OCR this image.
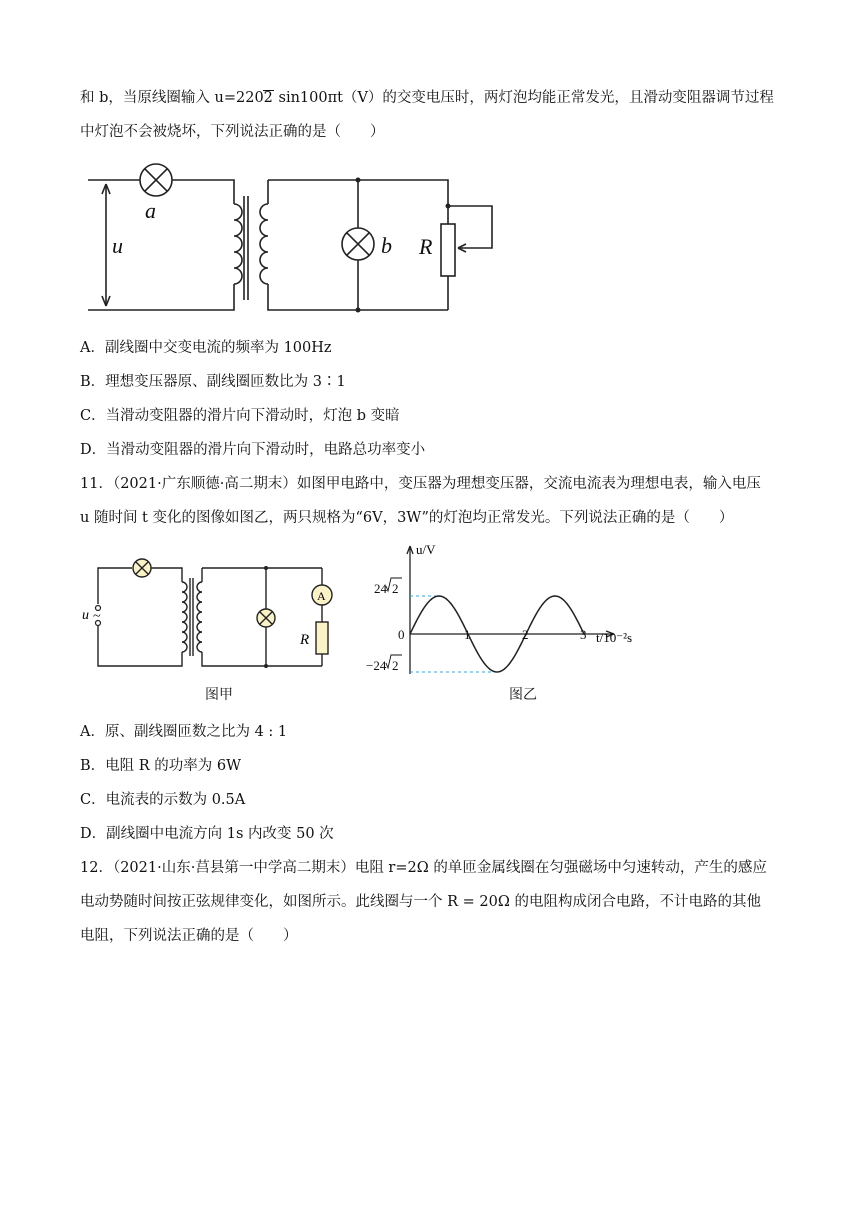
和 b，当原线圈输入 u=2202 sin100πt（V）的交变电压时，两灯泡均能正常发光，且滑动变阻器调节过程
中灯泡不会被烧坏，下列说法正确的是（　　）
u
a
b R
A．副线圈中交变电流的频率为 100Hz
B．理想变压器原、副线圈匝数比为 3∶1
C．当滑动变阻器的滑片向下滑动时，灯泡 b 变暗
D．当滑动变阻器的滑片向下滑动时，电路总功率变小
11．（2021·广东顺德·高二期末）如图甲电路中，变压器为理想变压器，交流电流表为理想电表，输入电压
u 随时间 t 变化的图像如图乙，两只规格为“6V，3W”的灯泡均正常发光。下列说法正确的是（　　）
u ~
A
R
图甲
0	1	2	3
u/V
t/10⁻²s
24 2
−24 2
图乙
A．原、副线圈匝数之比为 4 : 1
B．电阻 R 的功率为 6W
C．电流表的示数为 0.5A
D．副线圈中电流方向 1s 内改变 50 次
12．（2021·山东·莒县第一中学高二期末）电阻 r=2Ω 的单匝金属线圈在匀强磁场中匀速转动，产生的感应
电动势随时间按正弦规律变化，如图所示。此线圈与一个 R = 20Ω 的电阻构成闭合电路，不计电路的其他
电阻，下列说法正确的是（　　）
